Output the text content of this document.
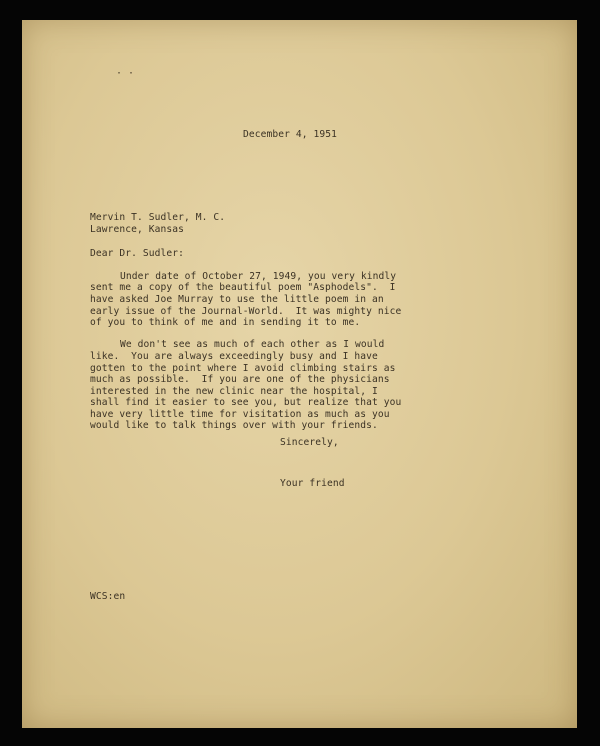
· ·
December 4, 1951
Mervin T. Sudler, M. C.
Lawrence, Kansas
Dear Dr. Sudler:
Under date of October 27, 1949, you very kindly
sent me a copy of the beautiful poem "Asphodels".  I
have asked Joe Murray to use the little poem in an
early issue of the Journal-World.  It was mighty nice
of you to think of me and in sending it to me.
We don't see as much of each other as I would
like.  You are always exceedingly busy and I have
gotten to the point where I avoid climbing stairs as
much as possible.  If you are one of the physicians
interested in the new clinic near the hospital, I
shall find it easier to see you, but realize that you
have very little time for visitation as much as you
would like to talk things over with your friends.
Sincerely,
Your friend
WCS:en
